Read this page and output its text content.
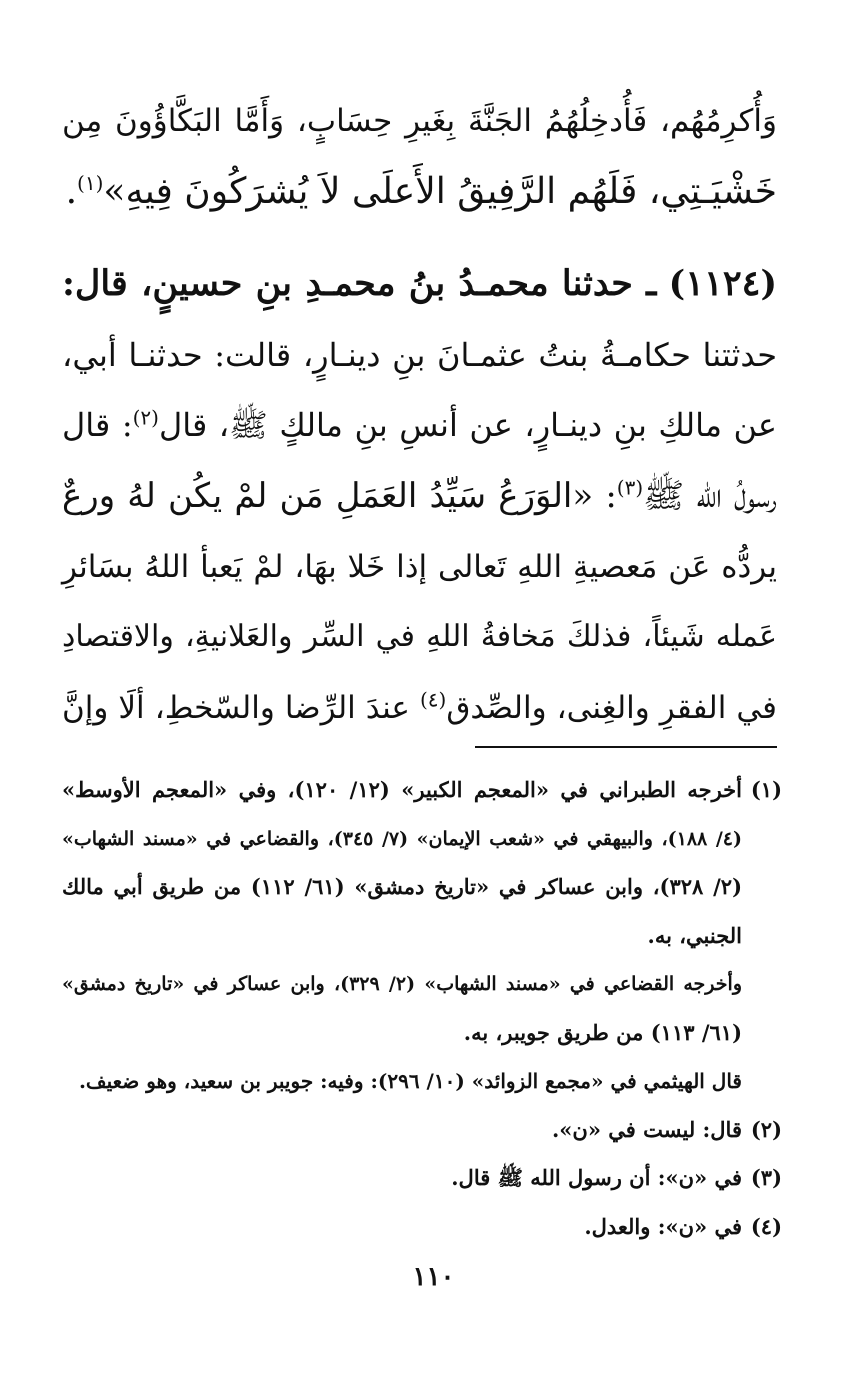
وَأُكرِمُهُم، فَأُدخِلُهُمُ الجَنَّةَ بِغَيرِ حِسَابٍ، وَأَمَّا البَكَّاؤُونَ مِن
خَشْيَـتِي، فَلَهُم الرَّفِيقُ الأَعلَى لاَ يُشرَكُونَ فِيهِ»$^{(١)}$.
(١١٢٤) ـ حدثنا محمـدُ بنُ محمـدِ بنِ حسينٍ، قال:
حدثتنا حكامـةُ بنتُ عثمـانَ بنِ دينـارٍ، قالت: حدثنـا أبي،
عن مالكِ بنِ دينـارٍ، عن أنسِ بنِ مالكٍ ﷺ، قال$^{(٢)}$: قال
رسولُ الله ﷺ$^{(٣)}$: «الوَرَعُ سَيِّدُ العَمَلِ مَن لمْ يكُن لهُ ورعٌ
يردُّه عَن مَعصيةِ اللهِ تَعالى إذا خَلا بهَا، لمْ يَعبأ اللهُ بسَائرِ
عَمله شَيئاً، فذلكَ مَخافةُ اللهِ في السِّر والعَلانيةِ، والاقتصادِ
في الفقرِ والغِنى، والصِّدق$^{(٤)}$ عندَ الرِّضا والسّخطِ، ألَا وإنَّ
(١)أخرجه الطبراني في «المعجم الكبير» (١٢/ ١٢٠)، وفي «المعجم الأوسط»
(٤/ ١٨٨)، والبيهقي في «شعب الإيمان» (٧/ ٣٤٥)، والقضاعي في «مسند الشهاب»
(٢/ ٣٢٨)، وابن عساكر في «تاريخ دمشق» (٦١/ ١١٢) من طريق أبي مالك
الجنبي، به.
وأخرجه القضاعي في «مسند الشهاب» (٢/ ٣٢٩)، وابن عساكر في «تاريخ دمشق»
(٦١/ ١١٣) من طريق جويبر، به.
قال الهيثمي في «مجمع الزوائد» (١٠/ ٢٩٦): وفيه: جويبر بن سعيد، وهو ضعيف.
(٢)قال: ليست في «ن».
(٣)في «ن»: أن رسول الله ﷺ قال.
(٤)في «ن»: والعدل.
١١٠
